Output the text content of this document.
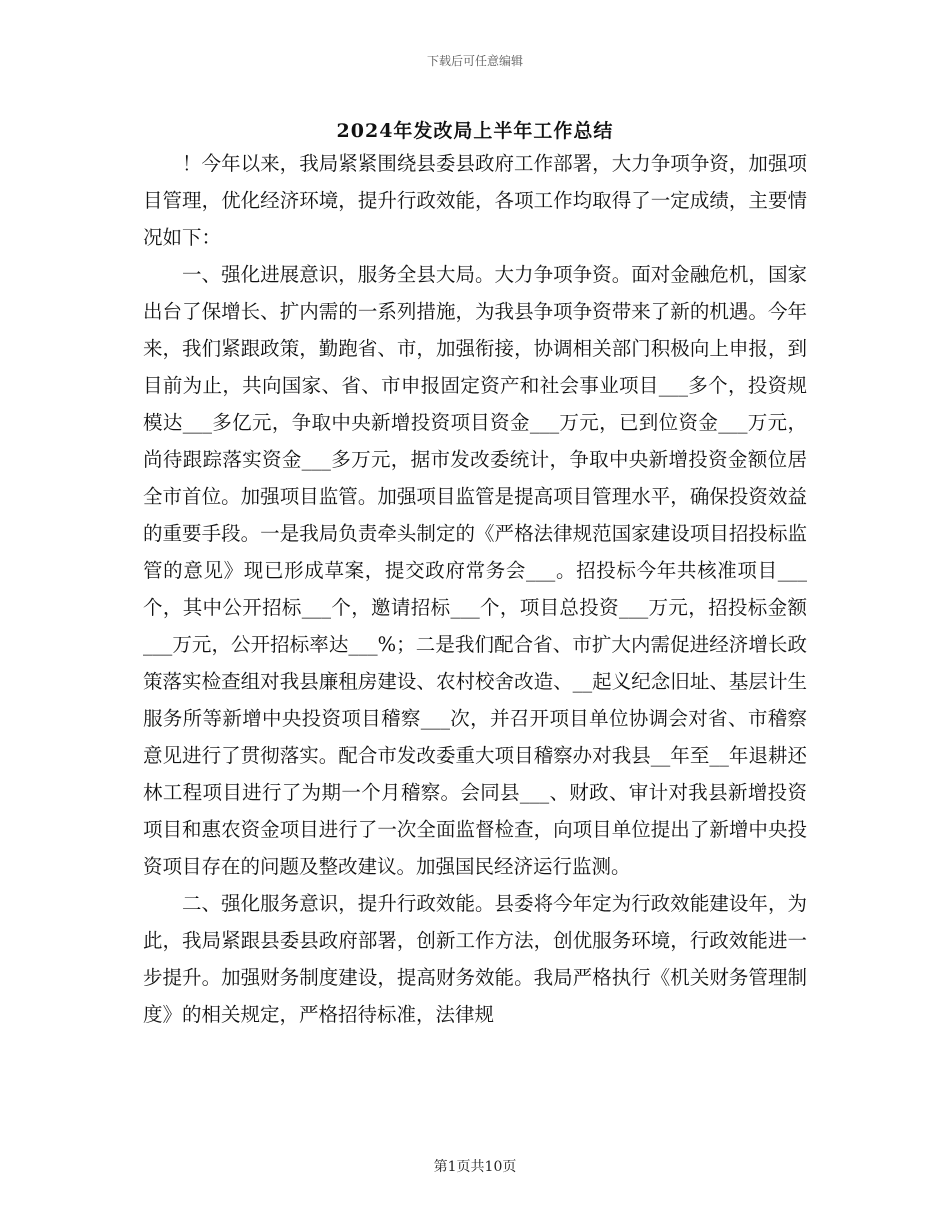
下载后可任意编辑
2024年发改局上半年工作总结

！今年以来，我局紧紧围绕县委县政府工作部署，大力争项争资，加强项目管理，优化经济环境，提升行政效能，各项工作均取得了一定成绩，主要情况如下：

一、强化进展意识，服务全县大局。大力争项争资。面对金融危机，国家出台了保增长、扩内需的一系列措施，为我县争项争资带来了新的机遇。今年来，我们紧跟政策，勤跑省、市，加强衔接，协调相关部门积极向上申报，到目前为止，共向国家、省、市申报固定资产和社会事业项目___多个，投资规模达___多亿元，争取中央新增投资项目资金___万元，已到位资金___万元，尚待跟踪落实资金___多万元，据市发改委统计，争取中央新增投资金额位居全市首位。加强项目监管。加强项目监管是提高项目管理水平，确保投资效益的重要手段。一是我局负责牵头制定的《严格法律规范国家建设项目招投标监管的意见》现已形成草案，提交政府常务会___。招投标今年共核准项目___个，其中公开招标___个，邀请招标___个，项目总投资___万元，招投标金额___万元，公开招标率达___%；二是我们配合省、市扩大内需促进经济增长政策落实检查组对我县廉租房建设、农村校舍改造、__起义纪念旧址、基层计生服务所等新增中央投资项目稽察___次，并召开项目单位协调会对省、市稽察意见进行了贯彻落实。配合市发改委重大项目稽察办对我县__年至__年退耕还林工程项目进行了为期一个月稽察。会同县___、财政、审计对我县新增投资项目和惠农资金项目进行了一次全面监督检查，向项目单位提出了新增中央投资项目存在的问题及整改建议。加强国民经济运行监测。

二、强化服务意识，提升行政效能。县委将今年定为行政效能建设年，为此，我局紧跟县委县政府部署，创新工作方法，创优服务环境，行政效能进一步提升。加强财务制度建设，提高财务效能。我局严格执行《机关财务管理制度》的相关规定，严格招待标准，法律规

第1页共10页
